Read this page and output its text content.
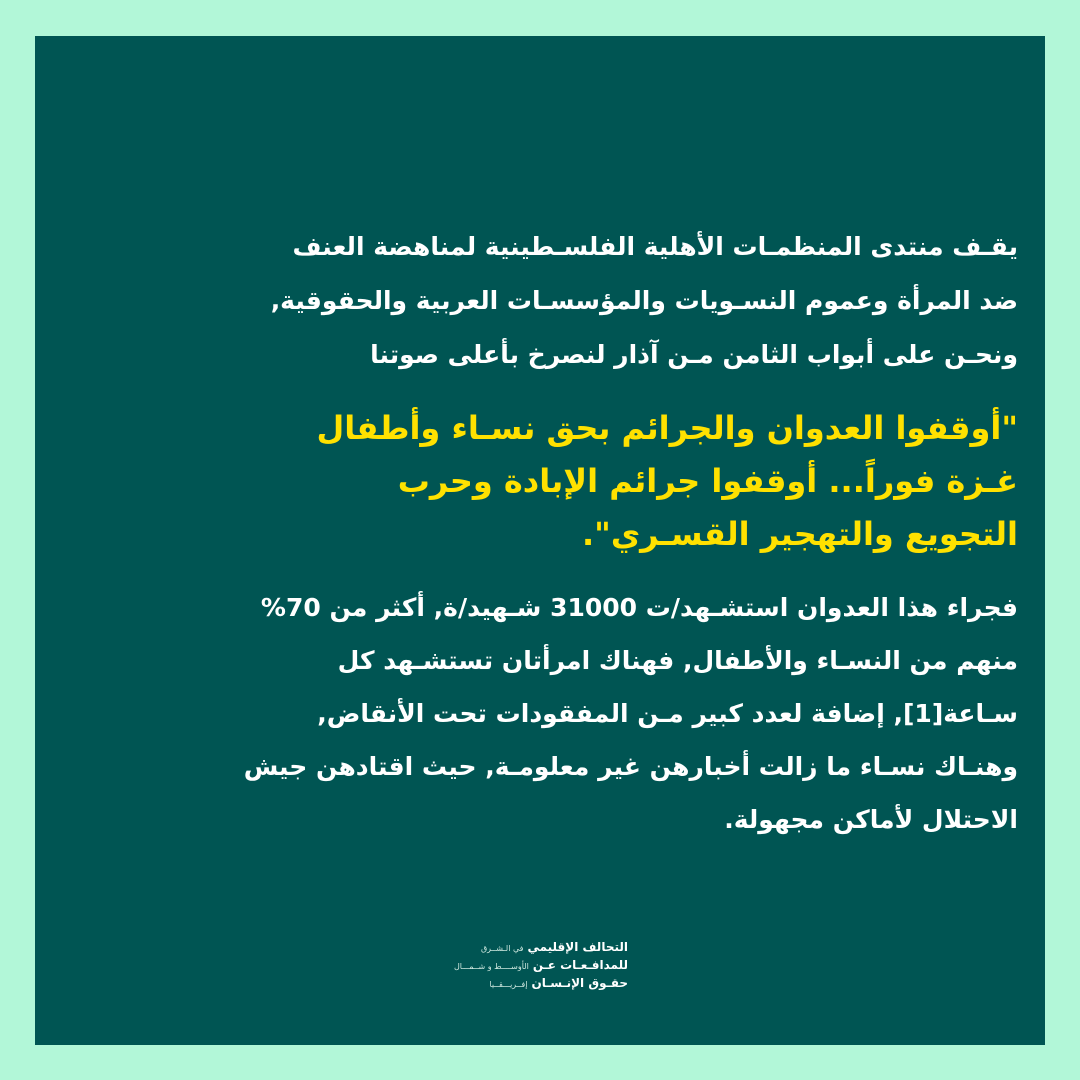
يقـف منتدى المنظمـات الأهلية الفلسـطينية لمناهضة العنف
ضد المرأة وعموم النسـويات والمؤسسـات العربية والحقوقية,
ونحـن على أبواب الثامن مـن آذار لنصرخ بأعلى صوتنا

"أوقفوا العدوان والجرائم بحق نسـاء وأطفال
غـزة فوراً... أوقفوا جرائم الإبادة وحرب
التجويع والتهجير القسـري".

فجراء هذا العدوان استشـهد/ت 31000 شـهيد/ة, أكثر من 70%
منهم من النسـاء والأطفال, فهناك امرأتان تستشـهد كل
سـاعة[1], إضافة لعدد كبير مـن المفقودات تحت الأنقاض,
وهنـاك نسـاء ما زالت أخبارهن غير معلومـة, حيث اقتادهن جيش
الاحتلال لأماكن مجهولة.

التحالف الإقليمي
في الـشــرق
للمدافـعـات عـن
الأوســــط و شــمـــال
حقـوق الإنـسـان
إفــريـــقــيا
